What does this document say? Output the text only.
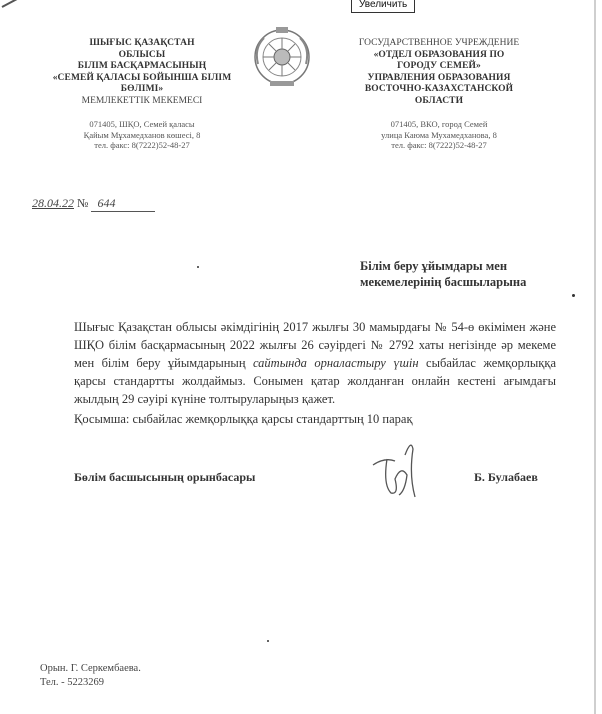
Увеличить
ШЫҒЫС ҚАЗАҚСТАН
ОБЛЫСЫ
БІЛІМ БАСҚАРМАСЫНЫҢ
«СЕМЕЙ ҚАЛАСЫ БОЙЫНША БІЛІМ
БӨЛІМІ»
МЕМЛЕКЕТТІК МЕКЕМЕСІ
071405, ШҚО, Семей қаласы
Қайым Мұхамедханов көшесі, 8
тел. факс: 8(7222)52-48-27
ГОСУДАРСТВЕННОЕ УЧРЕЖДЕНИЕ
«ОТДЕЛ ОБРАЗОВАНИЯ ПО
ГОРОДУ СЕМЕЙ»
УПРАВЛЕНИЯ ОБРАЗОВАНИЯ
ВОСТОЧНО-КАЗАХСТАНСКОЙ
ОБЛАСТИ
071405, ВКО, город Семей
улица Каюма Мухамедханова, 8
тел. факс: 8(7222)52-48-27
28.04.22 № 644
Білім беру ұйымдары мен
мекемелерінің басшыларына

Шығыс Қазақстан облысы әкімдігінің 2017 жылғы 30 мамырдағы № 54-ө өкімімен және ШҚО білім басқармасының 2022 жылғы 26 сәуірдегі № 2792 хаты негізінде әр мекеме мен білім беру ұйымдарының сайтында орналастыру үшін сыбайлас жемқорлыққа қарсы стандартты жолдаймыз. Сонымен қатар жолданған онлайн кестені ағымдағы жылдың 29 сәуірі күніне толтыруларыңыз қажет.

Қосымша: сыбайлас жемқорлыққа қарсы стандарттың 10 парақ
Бөлім басшысының орынбасары	Б. Булабаев
Орын. Г. Серкембаева.
Тел. - 5223269
